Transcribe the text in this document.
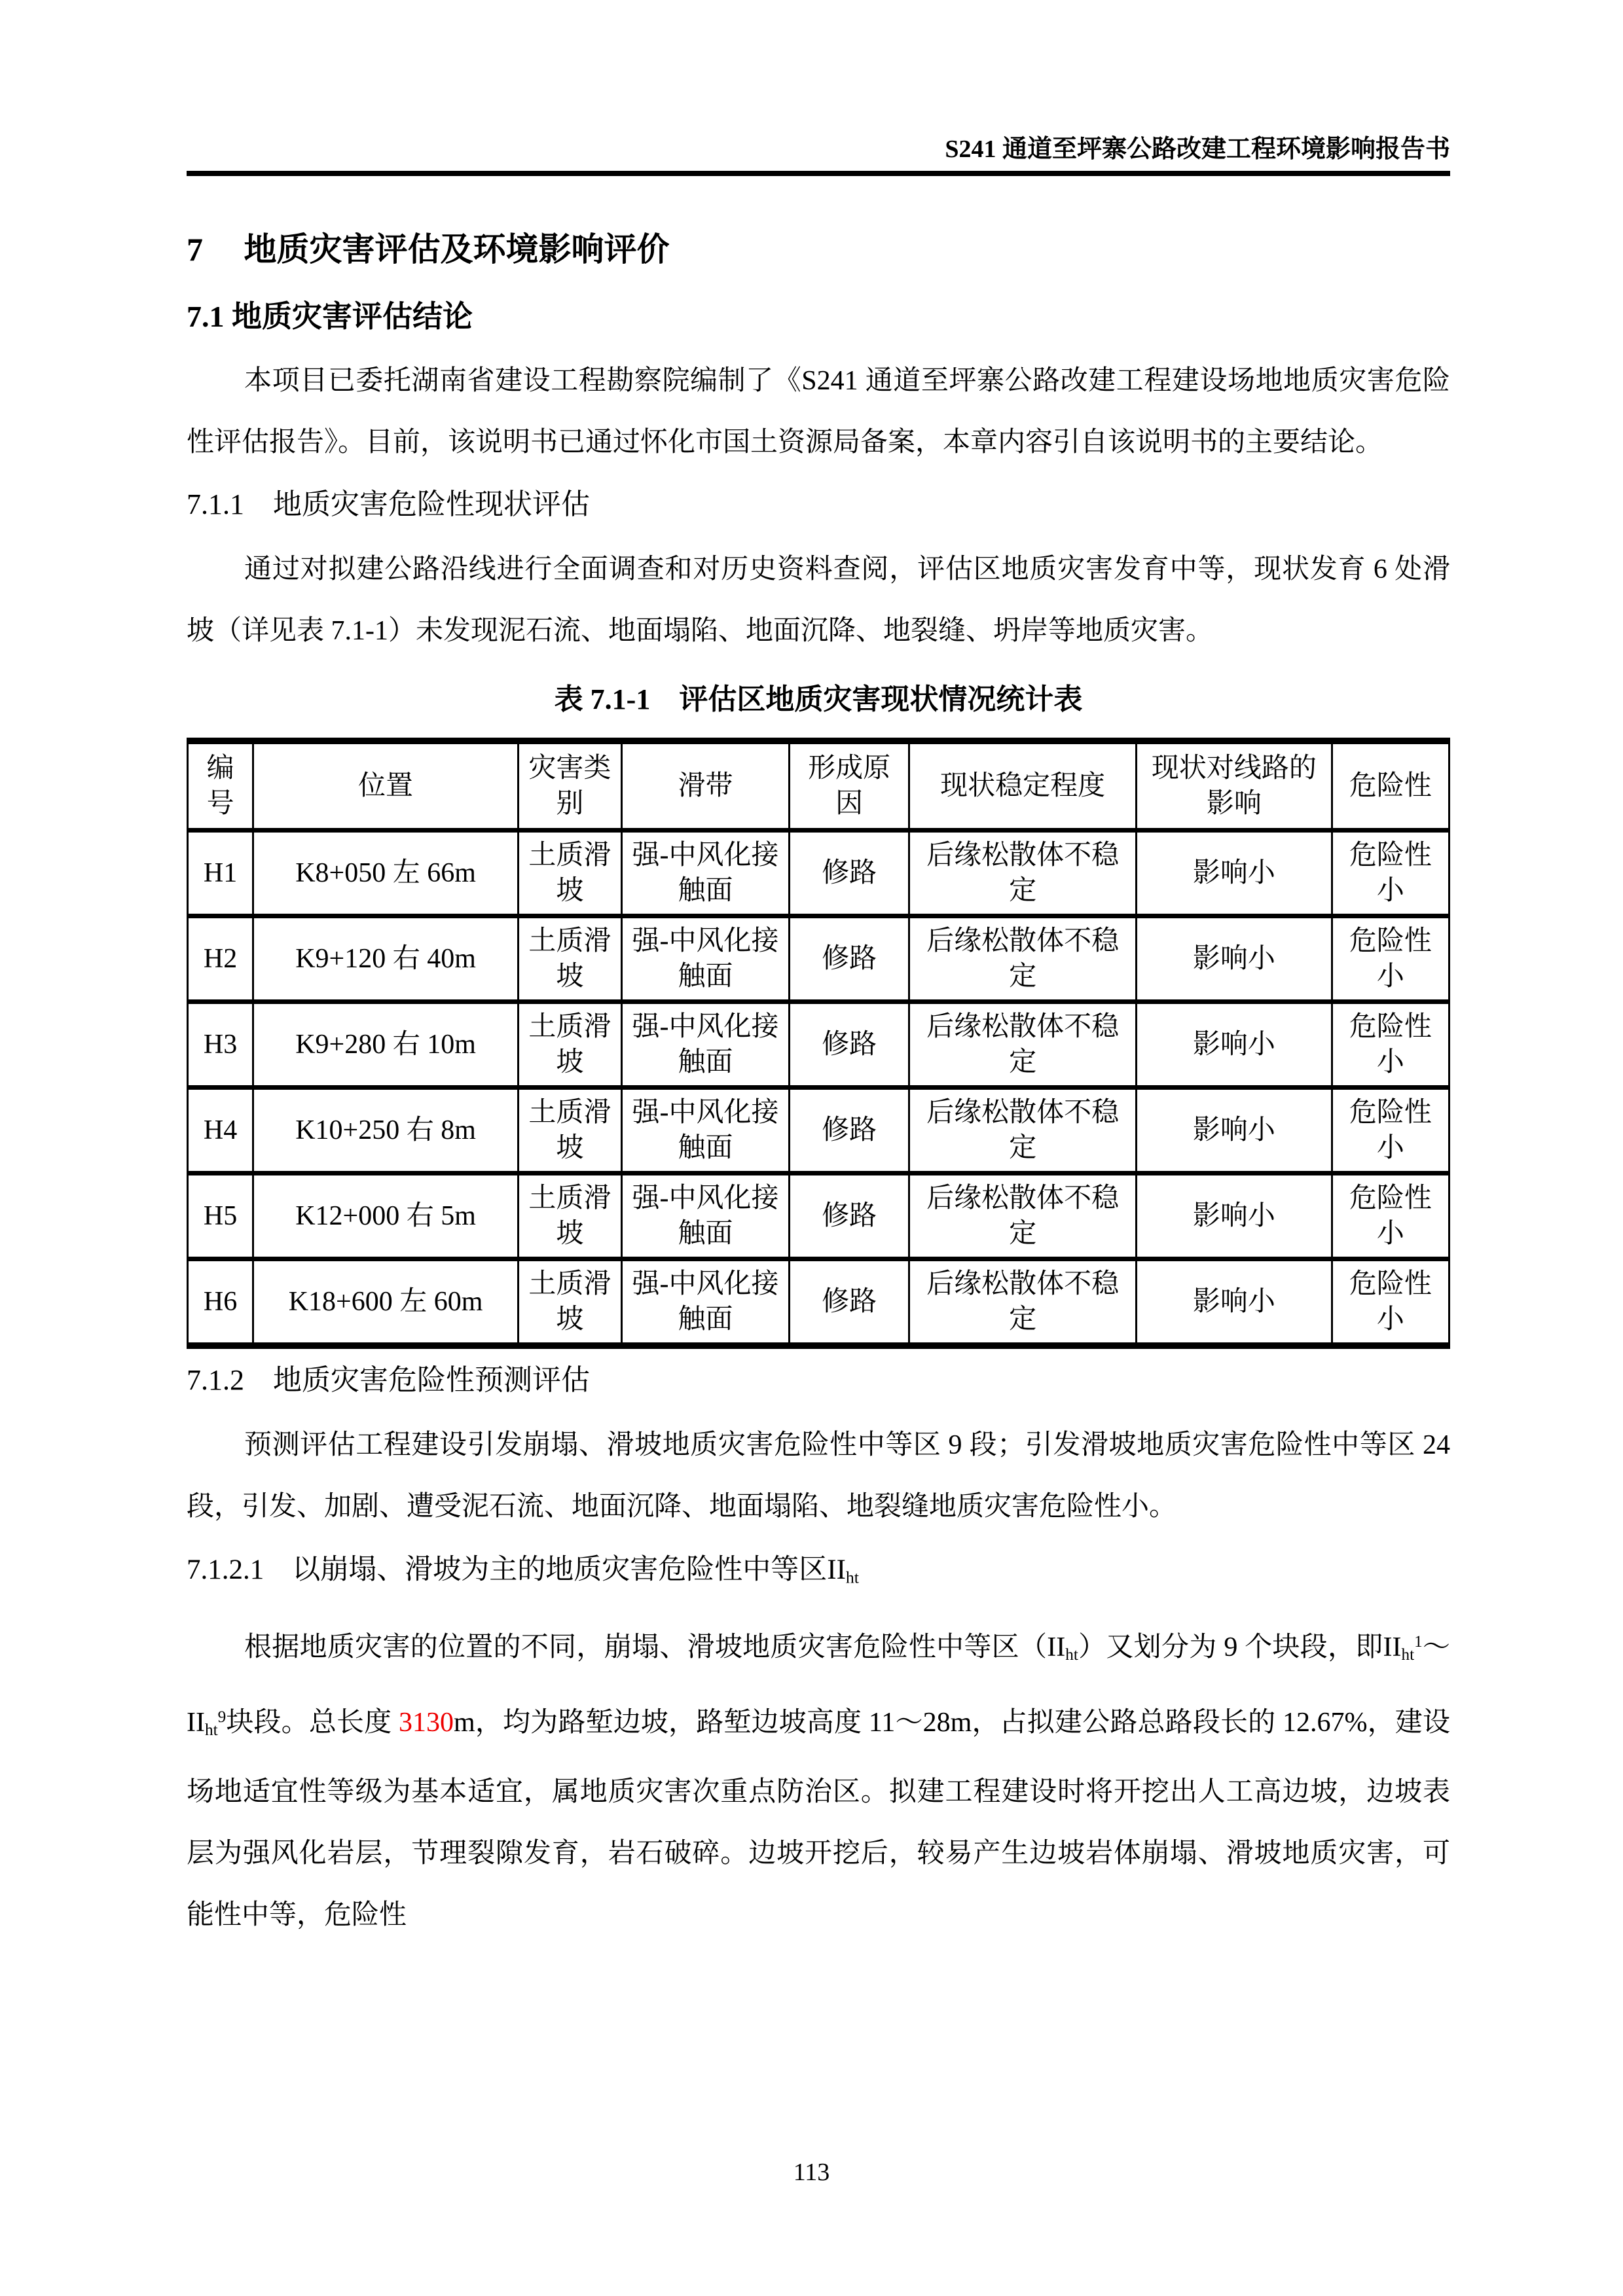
S241 通道至坪寨公路改建工程环境影响报告书
7　 地质灾害评估及环境影响评价
7.1 地质灾害评估结论
本项目已委托湖南省建设工程勘察院编制了《S241 通道至坪寨公路改建工程建设场地地质灾害危险性评估报告》。目前，该说明书已通过怀化市国土资源局备案，本章内容引自该说明书的主要结论。
7.1.1　地质灾害危险性现状评估
通过对拟建公路沿线进行全面调查和对历史资料查阅，评估区地质灾害发育中等，现状发育 6 处滑坡（详见表 7.1-1）未发现泥石流、地面塌陷、地面沉降、地裂缝、坍岸等地质灾害。
表 7.1-1　评估区地质灾害现状情况统计表
编号	位置	灾害类别	滑带	形成原因	现状稳定程度	现状对线路的影响	危险性
H1	K8+050 左 66m	土质滑坡	强-中风化接触面	修路	后缘松散体不稳定	影响小	危险性小
H2	K9+120 右 40m	土质滑坡	强-中风化接触面	修路	后缘松散体不稳定	影响小	危险性小
H3	K9+280 右 10m	土质滑坡	强-中风化接触面	修路	后缘松散体不稳定	影响小	危险性小
H4	K10+250 右 8m	土质滑坡	强-中风化接触面	修路	后缘松散体不稳定	影响小	危险性小
H5	K12+000 右 5m	土质滑坡	强-中风化接触面	修路	后缘松散体不稳定	影响小	危险性小
H6	K18+600 左 60m	土质滑坡	强-中风化接触面	修路	后缘松散体不稳定	影响小	危险性小
7.1.2　地质灾害危险性预测评估
预测评估工程建设引发崩塌、滑坡地质灾害危险性中等区 9 段；引发滑坡地质灾害危险性中等区 24 段，引发、加剧、遭受泥石流、地面沉降、地面塌陷、地裂缝地质灾害危险性小。
7.1.2.1　以崩塌、滑坡为主的地质灾害危险性中等区IIht
根据地质灾害的位置的不同，崩塌、滑坡地质灾害危险性中等区（IIht）又划分为 9 个块段，即IIht$^1$～IIht$^9$块段。总长度 3130m，均为路堑边坡，路堑边坡高度 11～28m，占拟建公路总路段长的 12.67%，建设场地适宜性等级为基本适宜，属地质灾害次重点防治区。拟建工程建设时将开挖出人工高边坡，边坡表层为强风化岩层，节理裂隙发育，岩石破碎。边坡开挖后，较易产生边坡岩体崩塌、滑坡地质灾害，可能性中等，危险性
113
